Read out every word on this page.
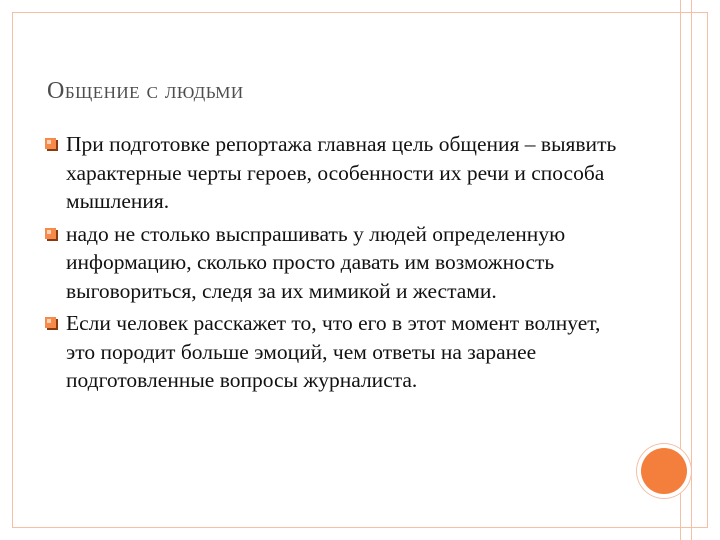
Общение с людьми
При подготовке репортажа главная цель общения – выявить характерные черты героев, особенности их речи и способа мышления.
надо не столько выспрашивать у людей определенную информацию, сколько просто давать им возможность выговориться, следя за их мимикой и жестами.
Если человек расскажет то, что его в этот момент волнует, это породит больше эмоций, чем ответы на заранее подготовленные вопросы журналиста.
